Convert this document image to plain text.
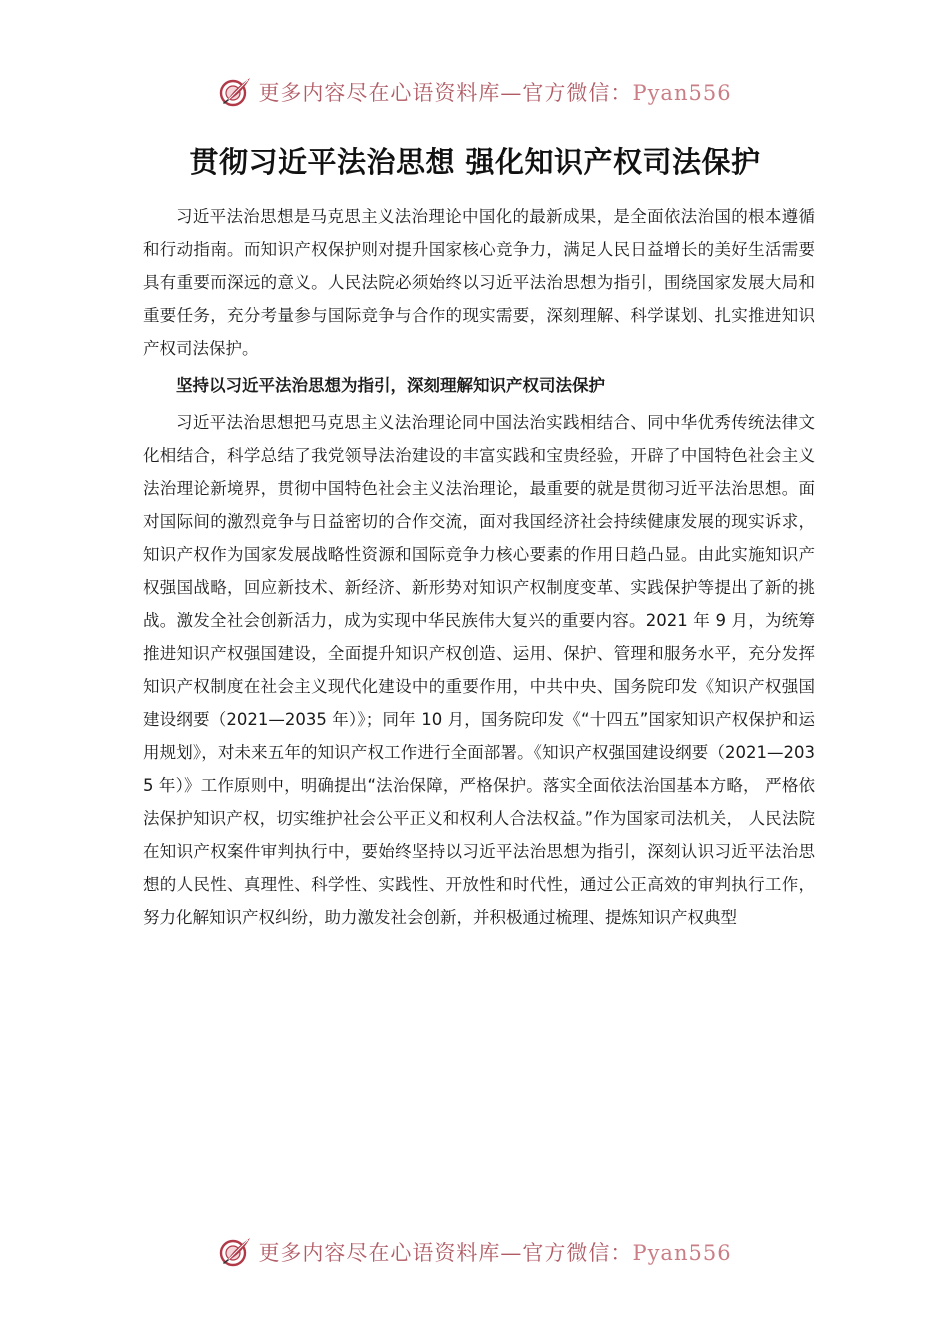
更多内容尽在心语资料库—官方微信：Pyan556
贯彻习近平法治思想 强化知识产权司法保护

习近平法治思想是马克思主义法治理论中国化的最新成果，是全面依法治国的根本遵循和行动指南。而知识产权保护则对提升国家核心竞争力，满足人民日益增长的美好生活需要具有重要而深远的意义。人民法院必须始终以习近平法治思想为指引，围绕国家发展大局和重要任务，充分考量参与国际竞争与合作的现实需要，深刻理解、科学谋划、扎实推进知识产权司法保护。

坚持以习近平法治思想为指引，深刻理解知识产权司法保护

习近平法治思想把马克思主义法治理论同中国法治实践相结合、同中华优秀传统法律文化相结合，科学总结了我党领导法治建设的丰富实践和宝贵经验，开辟了中国特色社会主义法治理论新境界，贯彻中国特色社会主义法治理论，最重要的就是贯彻习近平法治思想。面对国际间的激烈竞争与日益密切的合作交流，面对我国经济社会持续健康发展的现实诉求， 知识产权作为国家发展战略性资源和国际竞争力核心要素的作用日趋凸显。由此实施知识产权强国战略，回应新技术、新经济、新形势对知识产权制度变革、实践保护等提出了新的挑战。激发全社会创新活力，成为实现中华民族伟大复兴的重要内容。2021 年 9 月，为统筹推进知识产权强国建设，全面提升知识产权创造、运用、保护、管理和服务水平，充分发挥知识产权制度在社会主义现代化建设中的重要作用，中共中央、国务院印发《知识产权强国建设纲要（2021—2035 年）》；同年 10 月，国务院印发《“十四五”国家知识产权保护和运用规划》，对未来五年的知识产权工作进行全面部署。《知识产权强国建设纲要（2021—2035 年）》工作原则中，明确提出“法治保障，严格保护。落实全面依法治国基本方略， 严格依法保护知识产权，切实维护社会公平正义和权利人合法权益。”作为国家司法机关， 人民法院在知识产权案件审判执行中，要始终坚持以习近平法治思想为指引，深刻认识习近平法治思想的人民性、真理性、科学性、实践性、开放性和时代性，通过公正高效的审判执行工作，努力化解知识产权纠纷，助力激发社会创新，并积极通过梳理、提炼知识产权典型

更多内容尽在心语资料库—官方微信：Pyan556
